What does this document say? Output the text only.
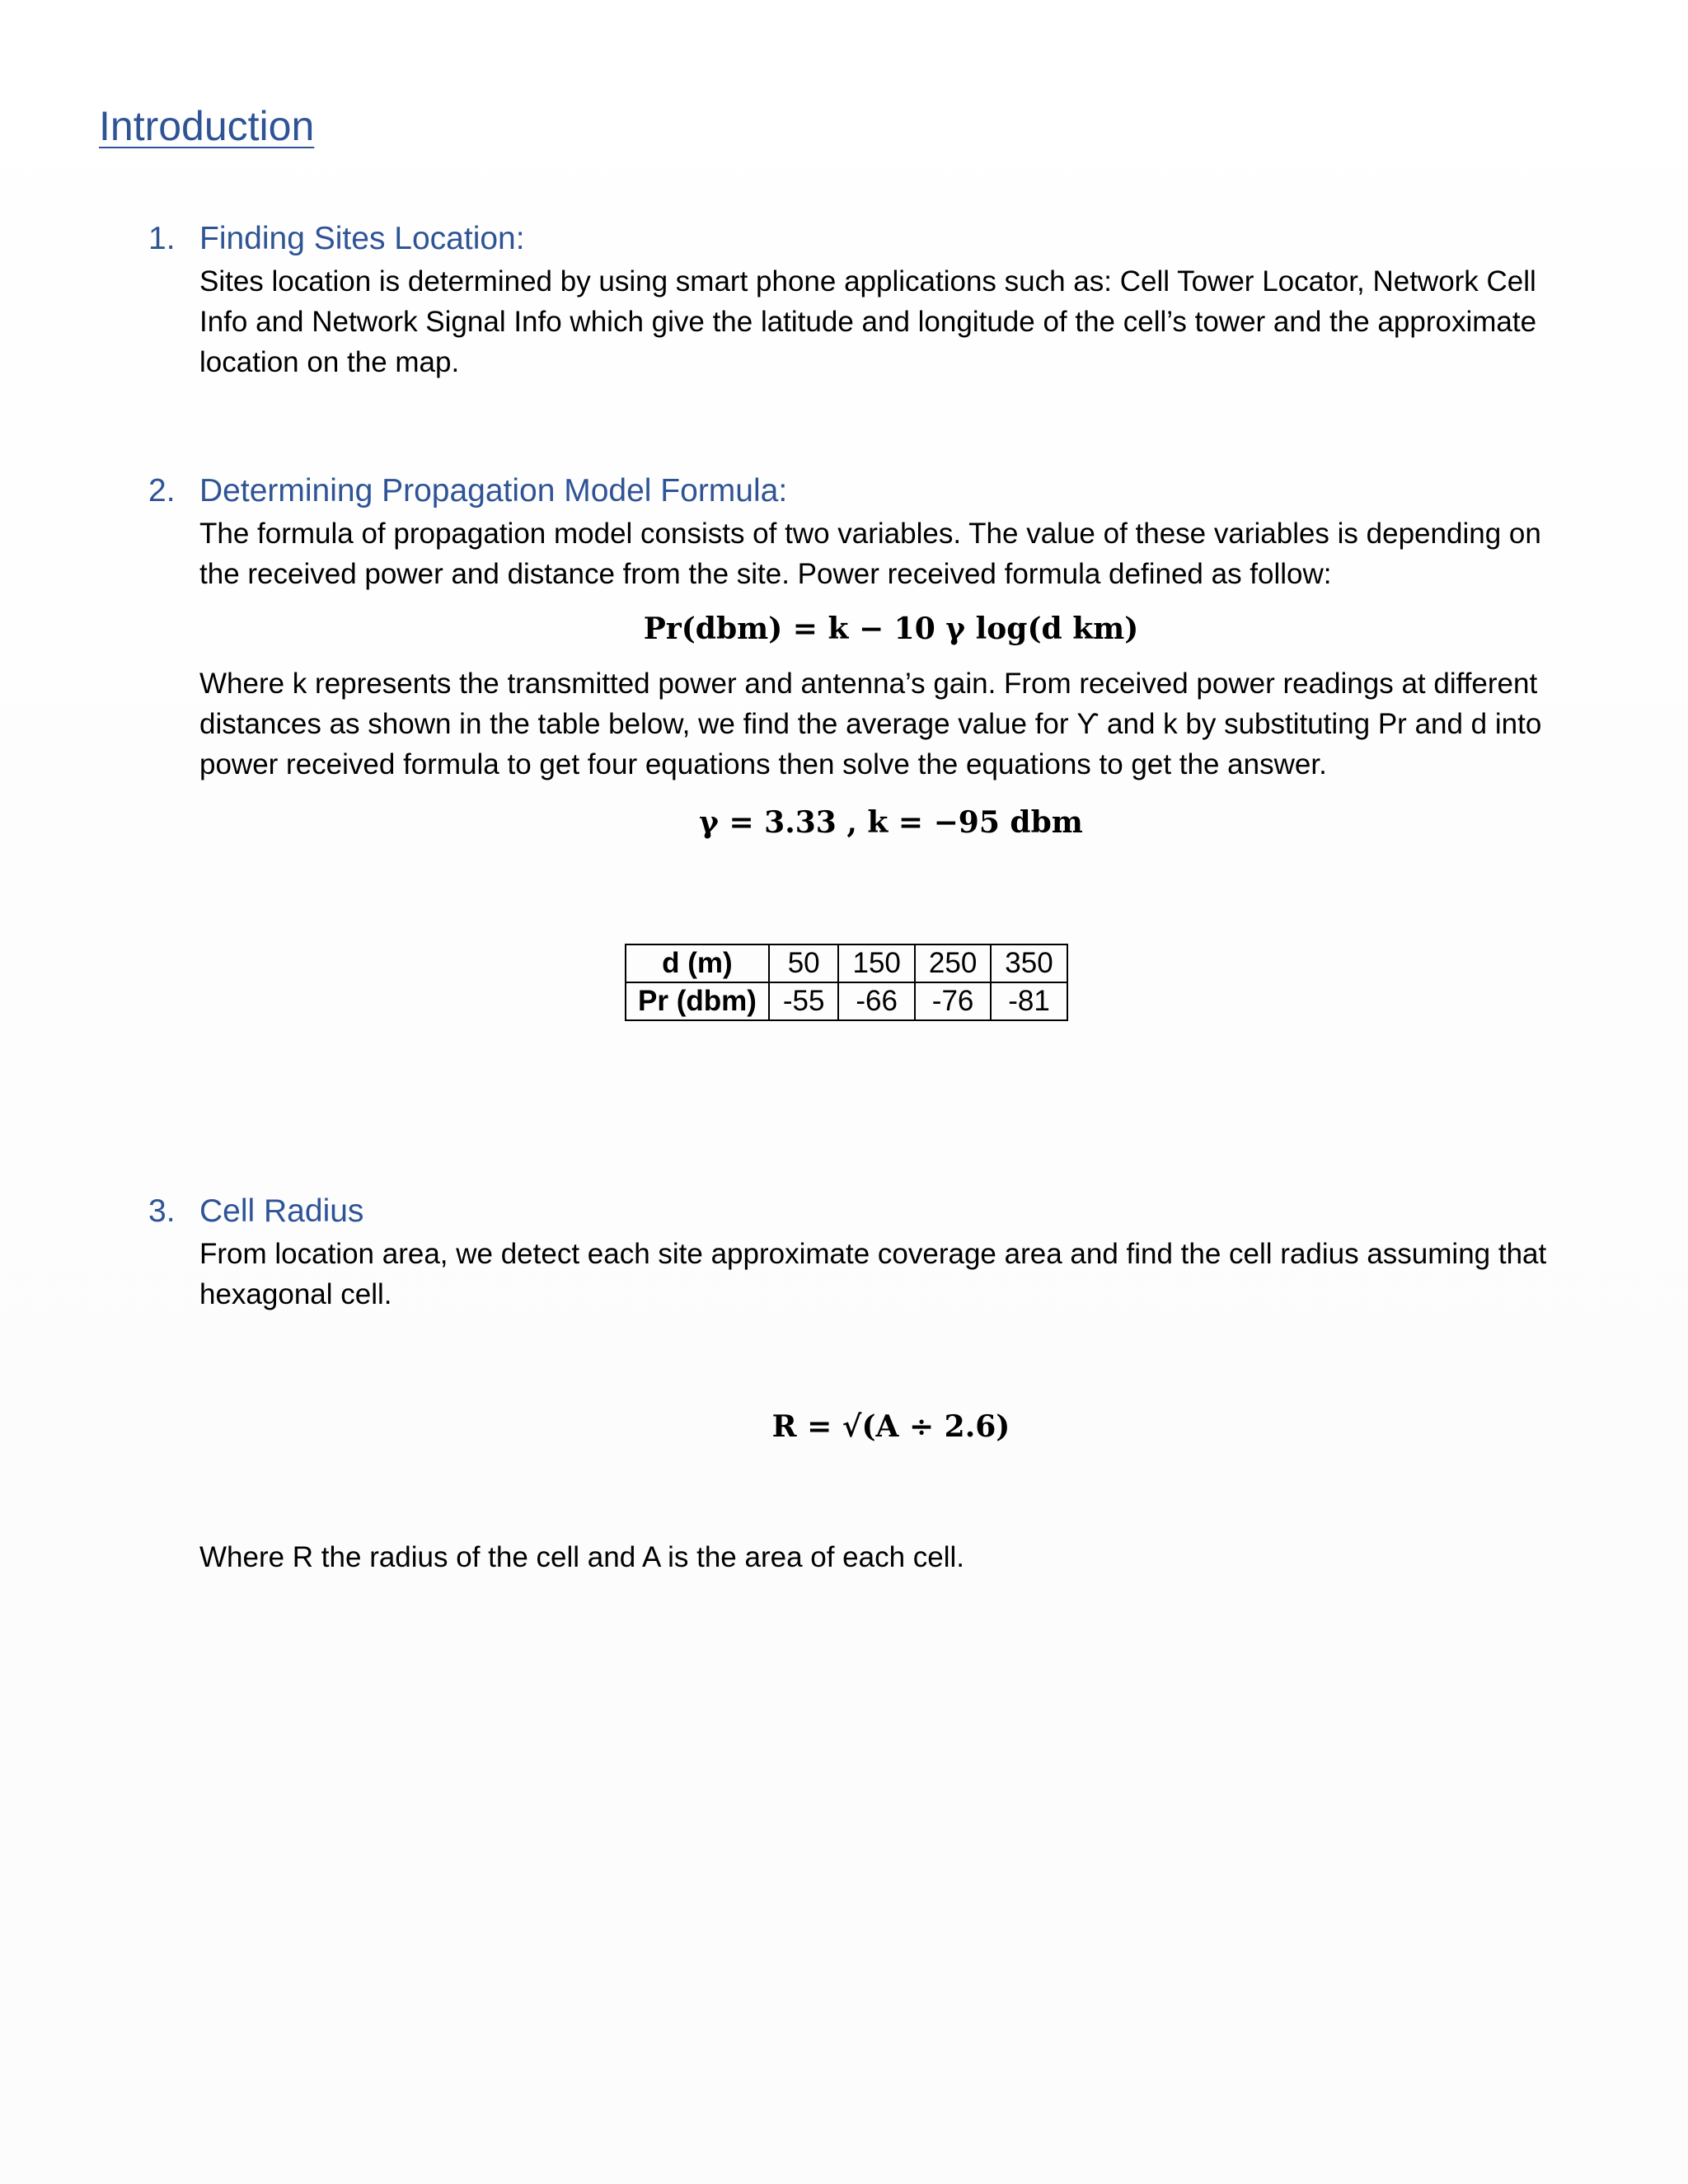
Introduction
1. Finding Sites Location:

Sites location is determined by using smart phone applications such as: Cell Tower Locator, Network Cell Info and Network Signal Info which give the latitude and longitude of the cell’s tower and the approximate location on the map.

2. Determining Propagation Model Formula:

The formula of propagation model consists of two variables. The value of these variables is depending on the received power and distance from the site. Power received formula defined as follow:

Pr(dbm) = k − 10 γ log(d km)

Where k represents the transmitted power and antenna’s gain. From received power readings at different distances as shown in the table below, we find the average value for ϒ and k by substituting Pr and d into power received formula to get four equations then solve the equations to get the answer.

γ = 3.33 , k = −95 dbm

d (m)	50	150	250	350
Pr (dbm)	-55	-66	-76	-81
3. Cell Radius

From location area, we detect each site approximate coverage area and find the cell radius assuming that hexagonal cell.

R = √(A ÷ 2.6)

Where R the radius of the cell and A is the area of each cell.
